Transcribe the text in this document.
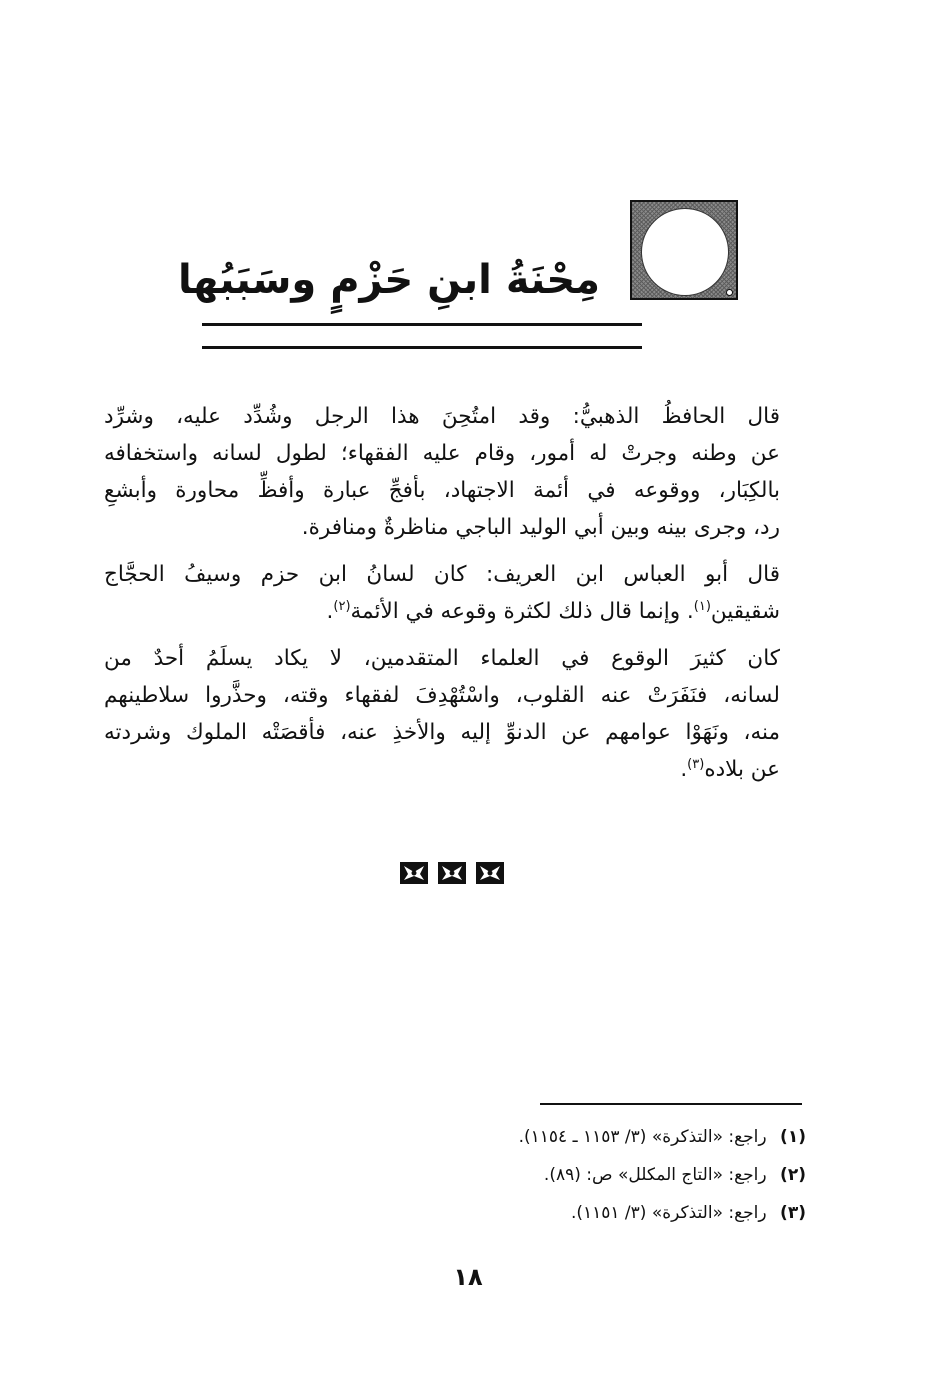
مِحْنَةُ ابنِ حَزْمٍ وسَبَبُها

قال الحافظُ الذهبيُّ: وقد امتُحِنَ هذا الرجل وشُدِّد عليه، وشرِّد
عن وطنه وجرتْ له أمور، وقام عليه الفقهاء؛ لطول لسانه واستخفافه
بالكِبَار، ووقوعه في أئمة الاجتهاد، بأفجِّ عبارة وأفظِّ محاورة وأبشعِ
رد، وجرى بينه وبين أبي الوليد الباجي مناظرةٌ ومنافرة.

قال أبو العباس ابن العريف: كان لسانُ ابن حزم وسيفُ الحجَّاج
شقيقين$^{(١)}$. وإنما قال ذلك لكثرة وقوعه في الأئمة$^{(٢)}$.

كان كثيرَ الوقوع في العلماء المتقدمين، لا يكاد يسلَمُ أحدٌ من
لسانه، فنَفَرَتْ عنه القلوب، واسْتُهْدِفَ لفقهاء وقته، وحذَّروا سلاطينهم
منه، ونَهَوْا عوامهم عن الدنوِّ إليه والأخذِ عنه، فأقصَتْه الملوك وشردته
عن بلاده$^{(٣)}$.

(١) راجع: «التذكرة» (٣/ ١١٥٣ ـ ١١٥٤).
(٢) راجع: «التاج المكلل» ص: (٨٩).
(٣) راجع: «التذكرة» (٣/ ١١٥١).
١٨
